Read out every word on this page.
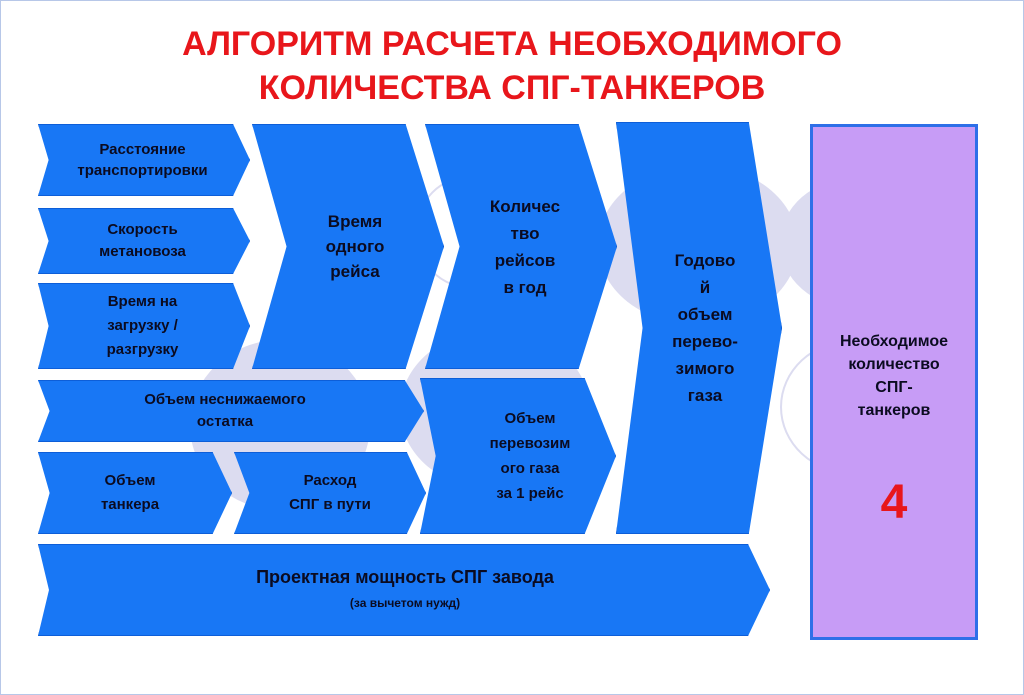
АЛГОРИТМ РАСЧЕТА НЕОБХОДИМОГО
КОЛИЧЕСТВА СПГ-ТАНКЕРОВ
Расстояние
транспортировки
Скорость
метановоза
Время на
загрузку /
разгрузку
Время
одного
рейса
Количес
тво
рейсов
в год
Объем неснижаемого
остатка
Объем
танкера
Расход
СПГ в пути
Объем
перевозим
ого газа
за 1 рейс
Годово
й
объем
перево-
зимого
газа
Проектная мощность СПГ завода
(за вычетом нужд)
Необходимое
количество
СПГ-
танкеров
4
